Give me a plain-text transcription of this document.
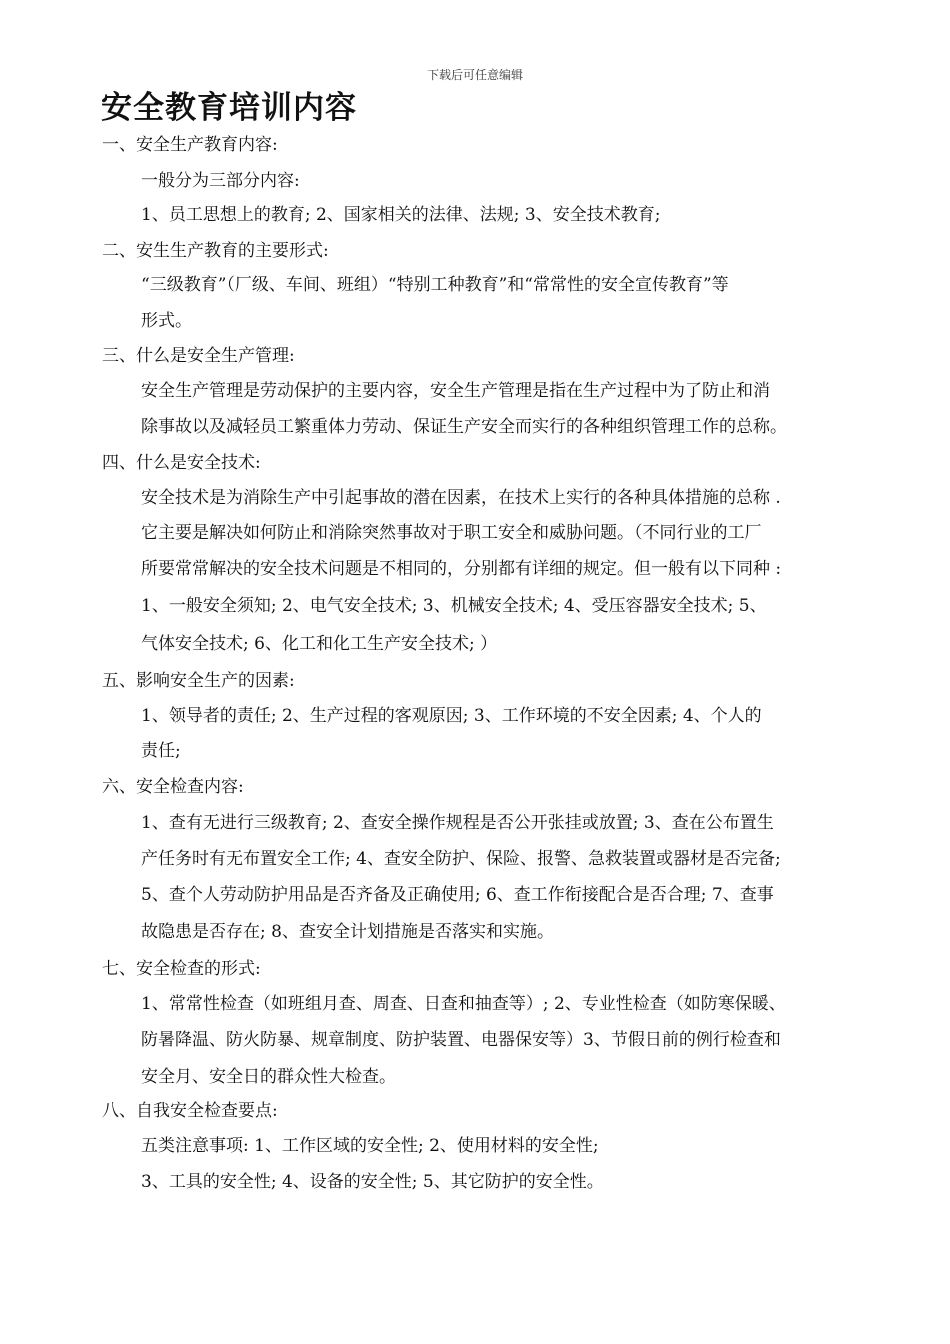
下载后可任意编辑
安全教育培训内容
一、安全生产教育内容:
一般分为三部分内容:
1、员工思想上的教育; 2、国家相关的法律、法规; 3、安全技术教育;
二、安生生产教育的主要形式:
“三级教育”（厂级、车间、班组）“特别工种教育”和“常常性的安全宣传教育”等
形式。
三、什么是安全生产管理:
安全生产管理是劳动保护的主要内容，安全生产管理是指在生产过程中为了防止和消
除事故以及减轻员工繁重体力劳动、保证生产安全而实行的各种组织管理工作的总称。
四、什么是安全技术:
安全技术是为消除生产中引起事故的潜在因素，在技术上实行的各种具体措施的总称 .
它主要是解决如何防止和消除突然事故对于职工安全和威胁问题。（不同行业的工厂
所要常常解决的安全技术问题是不相同的，分别都有详细的规定。但一般有以下同种 :
1、一般安全须知; 2、电气安全技术; 3、机械安全技术; 4、受压容器安全技术; 5、
气体安全技术; 6、化工和化工生产安全技术; ）
五、影响安全生产的因素:
1、领导者的责任; 2、生产过程的客观原因; 3、工作环境的不安全因素; 4、个人的
责任;
六、安全检查内容:
1、查有无进行三级教育; 2、查安全操作规程是否公开张挂或放置; 3、查在公布置生
产任务时有无布置安全工作; 4、查安全防护、保险、报警、急救装置或器材是否完备;
5、查个人劳动防护用品是否齐备及正确使用; 6、查工作衔接配合是否合理; 7、查事
故隐患是否存在; 8、查安全计划措施是否落实和实施。
七、安全检查的形式:
1、常常性检查（如班组月查、周查、日查和抽查等）; 2、专业性检查（如防寒保暖、
防暑降温、防火防暴、规章制度、防护装置、电器保安等）3、节假日前的例行检查和
安全月、安全日的群众性大检查。
八、自我安全检查要点:
五类注意事项: 1、工作区域的安全性; 2、使用材料的安全性;
3、工具的安全性; 4、设备的安全性; 5、其它防护的安全性。
